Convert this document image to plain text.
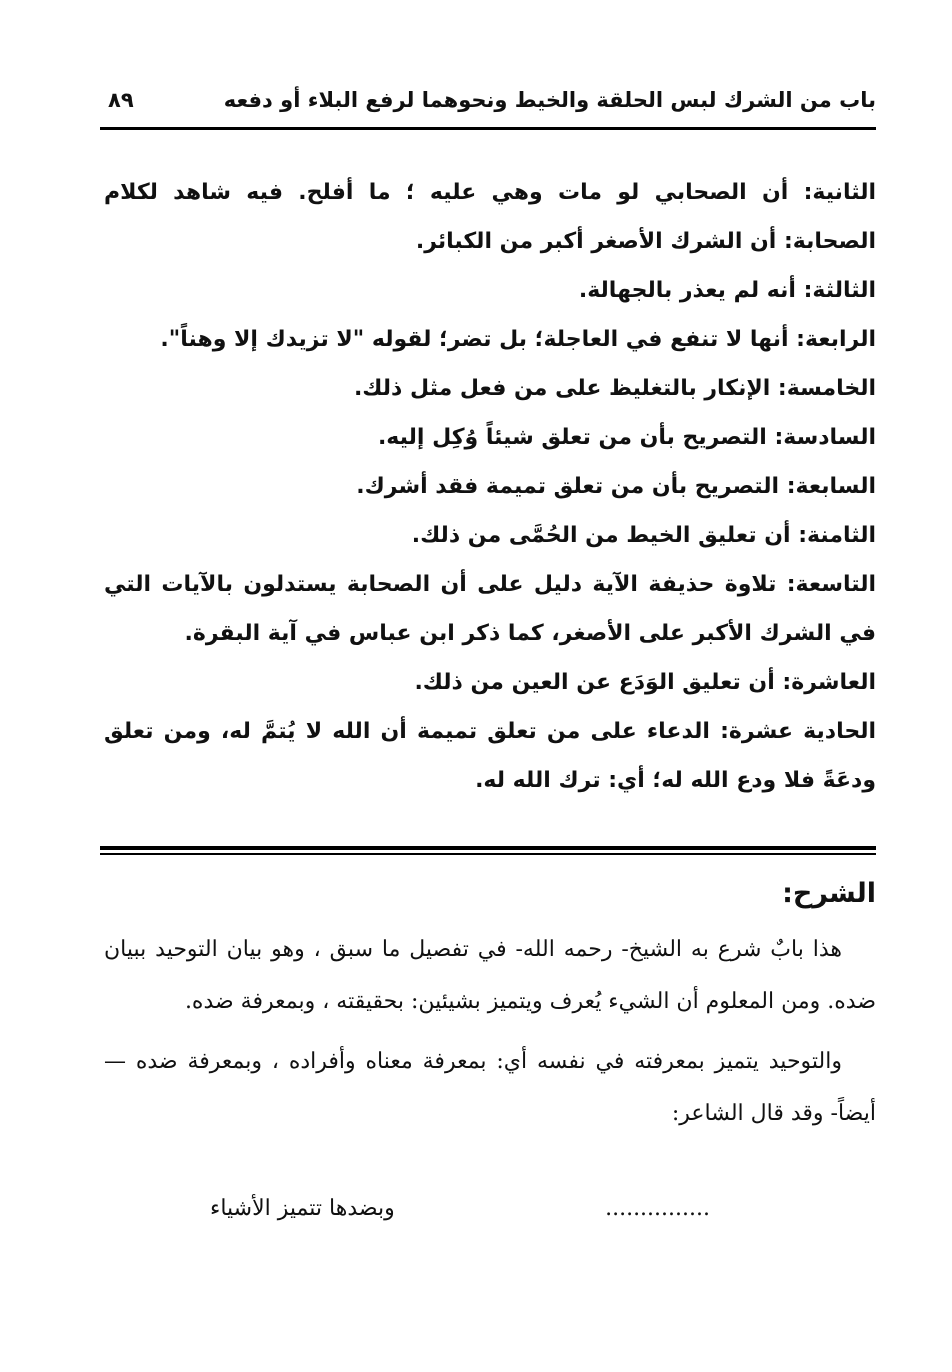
باب من الشرك لبس الحلقة والخيط ونحوهما لرفع البلاء أو دفعه
٨٩

الثانية: أن الصحابي لو مات وهي عليه ؛ ما أفلح. فيه شاهد لكلام الصحابة: أن الشرك الأصغر أكبر من الكبائر.

الثالثة: أنه لم يعذر بالجهالة.

الرابعة: أنها لا تنفع في العاجلة؛ بل تضر؛ لقوله "لا تزيدك إلا وهناً".

الخامسة: الإنكار بالتغليظ على من فعل مثل ذلك.

السادسة: التصريح بأن من تعلق شيئاً وُكِل إليه.

السابعة: التصريح بأن من تعلق تميمة فقد أشرك.

الثامنة: أن تعليق الخيط من الحُمَّى من ذلك.

التاسعة: تلاوة حذيفة الآية دليل على أن الصحابة يستدلون بالآيات التي في الشرك الأكبر على الأصغر، كما ذكر ابن عباس في آية البقرة.

العاشرة: أن تعليق الوَدَع عن العين من ذلك.

الحادية عشرة: الدعاء على من تعلق تميمة أن الله لا يُتمَّ له، ومن تعلق ودعَةً فلا ودع الله له؛ أي: ترك الله له.

الشرح:

هذا بابٌ شرع به الشيخ- رحمه الله- في تفصيل ما سبق ، وهو بيان التوحيد ببيان ضده. ومن المعلوم أن الشيء يُعرف ويتميز بشيئين: بحقيقته ، وبمعرفة ضده.

والتوحيد يتميز بمعرفته في نفسه أي: بمعرفة معناه وأفراده ، وبمعرفة ضده — أيضاً- وقد قال الشاعر:

...............
وبضدها تتميز الأشياء
